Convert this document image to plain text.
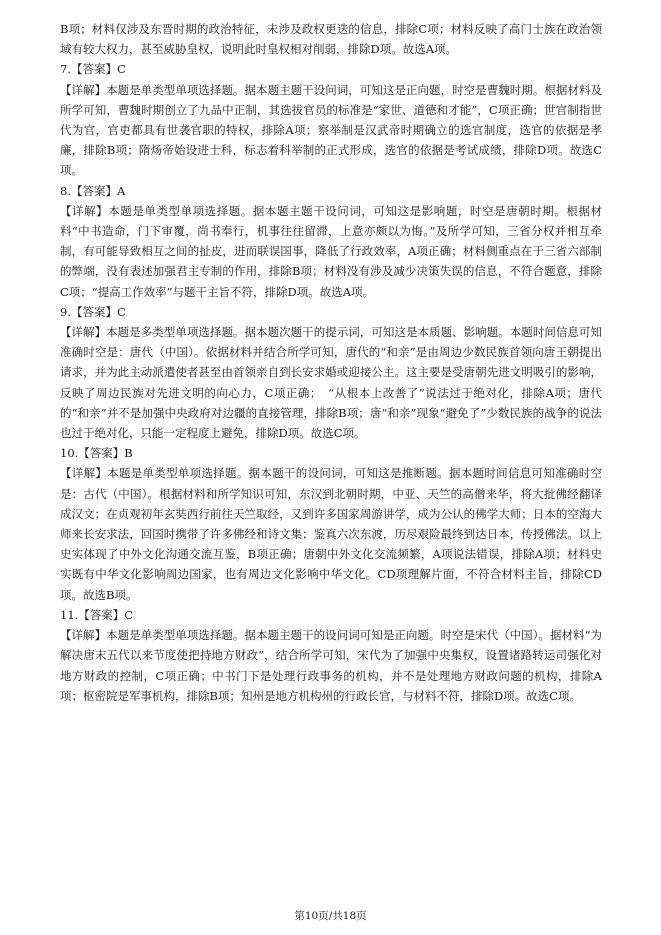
B项；材料仅涉及东晋时期的政治特征，未涉及政权更迭的信息，排除C项；材料反映了高门士族在政治领域有较大权力，甚至威胁皇权，说明此时皇权相对削弱，排除D项。故选A项。

7.【答案】C

【详解】本题是单类型单项选择题。据本题主题干设问词，可知这是正向题，时空是曹魏时期。根据材料及所学可知，曹魏时期创立了九品中正制，其选拔官员的标准是“家世、道德和才能”，C项正确；世官制指世代为官，官吏都具有世袭官职的特权，排除A项；察举制是汉武帝时期确立的选官制度，选官的依据是孝廉，排除B项；隋炀帝始设进士科，标志着科举制的正式形成，选官的依据是考试成绩，排除D项。故选C项。

8.【答案】A

【详解】本题是单类型单项选择题。据本题主题干设问词，可知这是影响题，时空是唐朝时期。根据材料“中书造命，门下审覆，尚书奉行，机事往往留滞，上意亦颇以为悔。”及所学可知，三省分权并相互牵制，有可能导致相互之间的扯皮，进而联误国事，降低了行政效率，A项正确；材料侧重点在于三省六部制的弊端，没有表述加强君主专制的作用，排除B项；材料没有涉及减少决策失误的信息，不符合题意，排除C项；“提高工作效率”与题干主旨不符，排除D项。故选A项。

9.【答案】C

【详解】本题是多类型单项选择题。据本题次题干的提示词，可知这是本质题、影响题。本题时间信息可知准确时空是：唐代（中国）。依据材料并结合所学可知，唐代的“和亲”是由周边少数民族首领向唐王朝提出请求，并为此主动派遣使者甚至由首领亲自到长安求婚或迎接公主。这主要是受唐朝先进文明吸引的影响，反映了周边民族对先进文明的向心力，C项正确；　“从根本上改善了”说法过于绝对化，排除A项；唐代的“和亲”并不是加强中央政府对边疆的直接管理，排除B项；唐“和亲”现象“避免了”少数民族的战争的说法也过于绝对化，只能一定程度上避免，排除D项。故选C项。

10.【答案】B

【详解】本题是单类型单项选择题。据本题干的设问词，可知这是推断题。据本题时间信息可知准确时空是：古代（中国）。根据材料和所学知识可知，东汉到北朝时期，中亚、天竺的高僧来华，将大批佛经翻译成汉文；在贞观初年玄奘西行前往天竺取经，又到许多国家周游讲学，成为公认的佛学大师；日本的空海大师来长安求法，回国时携带了许多佛经和诗文集；鉴真六次东渡，历尽艰险最终到达日本，传授佛法。以上史实体现了中外文化沟通交流互鉴，B项正确；唐朝中外文化交流频繁，A项说法错误，排除A项；材料史实既有中华文化影响周边国家，也有周边文化影响中华文化。CD项理解片面，不符合材料主旨，排除CD项。故选B项。

11.【答案】C

【详解】本题是单类型单项选择题。据本题主题干的设问词可知是正向题。时空是宋代（中国）。据材料“为解决唐末五代以来节度使把持地方财政”，结合所学可知，宋代为了加强中央集权，设置诸路转运司强化对地方财政的控制，C项正确；中书门下是处理行政事务的机构，并不是处理地方财政问题的机构，排除A项；枢密院是军事机构，排除B项；知州是地方机构州的行政长官，与材料不符，排除D项。故选C项。

第10页/共18页
